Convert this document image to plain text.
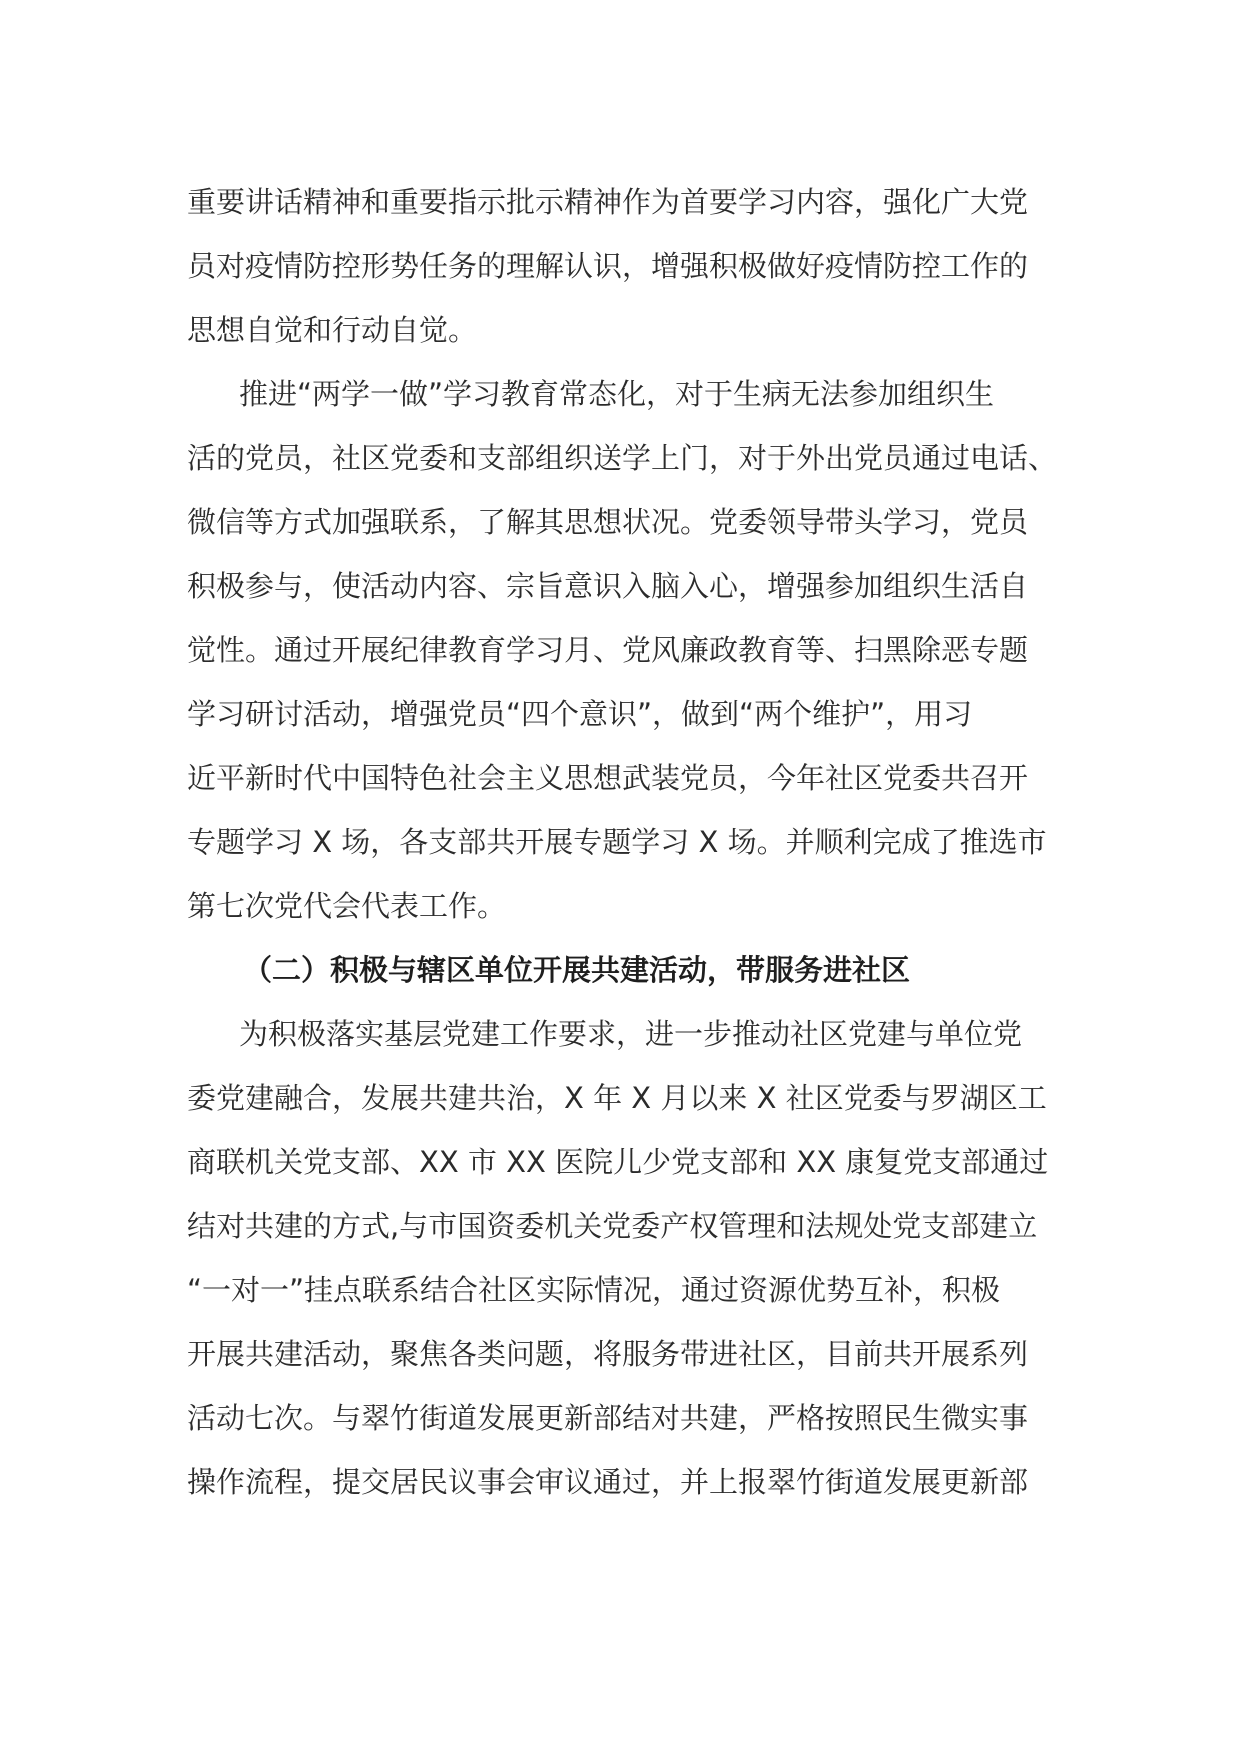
重要讲话精神和重要指示批示精神作为首要学习内容，强化广大党
员对疫情防控形势任务的理解认识，增强积极做好疫情防控工作的
思想自觉和行动自觉。
推进“两学一做”学习教育常态化，对于生病无法参加组织生
活的党员，社区党委和支部组织送学上门，对于外出党员通过电话、
微信等方式加强联系，了解其思想状况。党委领导带头学习，党员
积极参与，使活动内容、宗旨意识入脑入心，增强参加组织生活自
觉性。通过开展纪律教育学习月、党风廉政教育等、扫黑除恶专题
学习研讨活动，增强党员“四个意识”，做到“两个维护”，用习
近平新时代中国特色社会主义思想武装党员，今年社区党委共召开
专题学习 X 场，各支部共开展专题学习 X 场。并顺利完成了推选市
第七次党代会代表工作。
（二）积极与辖区单位开展共建活动，带服务进社区
为积极落实基层党建工作要求，进一步推动社区党建与单位党
委党建融合，发展共建共治，X 年 X 月以来 X 社区党委与罗湖区工
商联机关党支部、XX 市 XX 医院儿少党支部和 XX 康复党支部通过
结对共建的方式,与市国资委机关党委产权管理和法规处党支部建立
“一对一”挂点联系结合社区实际情况，通过资源优势互补，积极
开展共建活动，聚焦各类问题，将服务带进社区，目前共开展系列
活动七次。与翠竹街道发展更新部结对共建，严格按照民生微实事
操作流程，提交居民议事会审议通过，并上报翠竹街道发展更新部
